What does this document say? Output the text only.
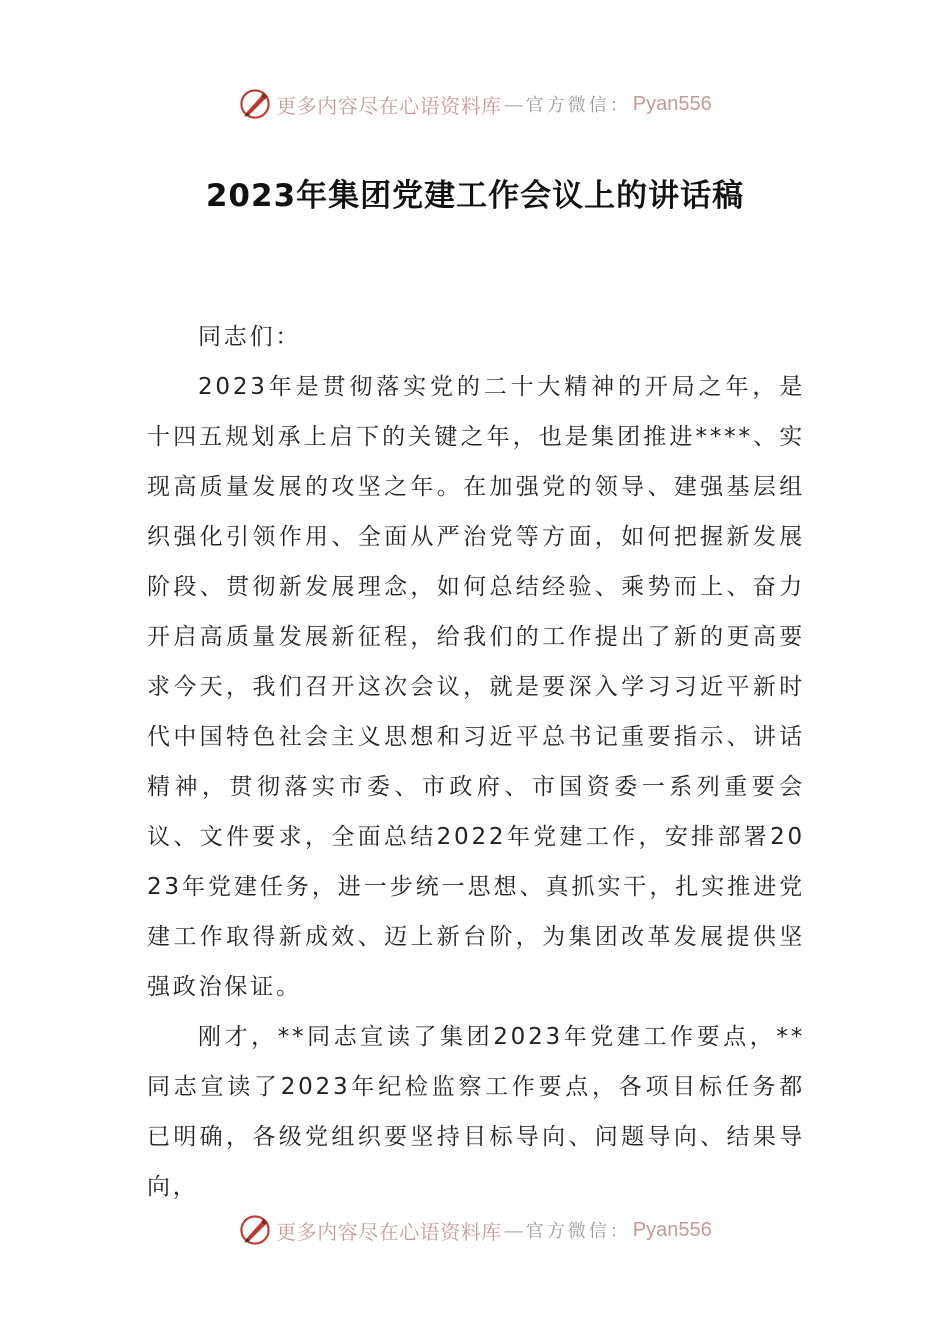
更多内容尽在心语资料库 — 官方微信： Pyan556
2023年集团党建工作会议上的讲话稿

同志们：

2023年是贯彻落实党的二十大精神的开局之年，是十四五规划承上启下的关键之年，也是集团推进****、实现高质量发展的攻坚之年。在加强党的领导、建强基层组织强化引领作用、全面从严治党等方面，如何把握新发展阶段、贯彻新发展理念，如何总结经验、乘势而上、奋力开启高质量发展新征程，给我们的工作提出了新的更高要求今天，我们召开这次会议，就是要深入学习习近平新时代中国特色社会主义思想和习近平总书记重要指示、讲话精神，贯彻落实市委、市政府、市国资委一系列重要会议、文件要求，全面总结2022年党建工作，安排部署2023年党建任务，进一步统一思想、真抓实干，扎实推进党建工作取得新成效、迈上新台阶，为集团改革发展提供坚强政治保证。

刚才，**同志宣读了集团2023年党建工作要点，**同志宣读了2023年纪检监察工作要点，各项目标任务都已明确，各级党组织要坚持目标导向、问题导向、结果导向，

更多内容尽在心语资料库 — 官方微信： Pyan556
